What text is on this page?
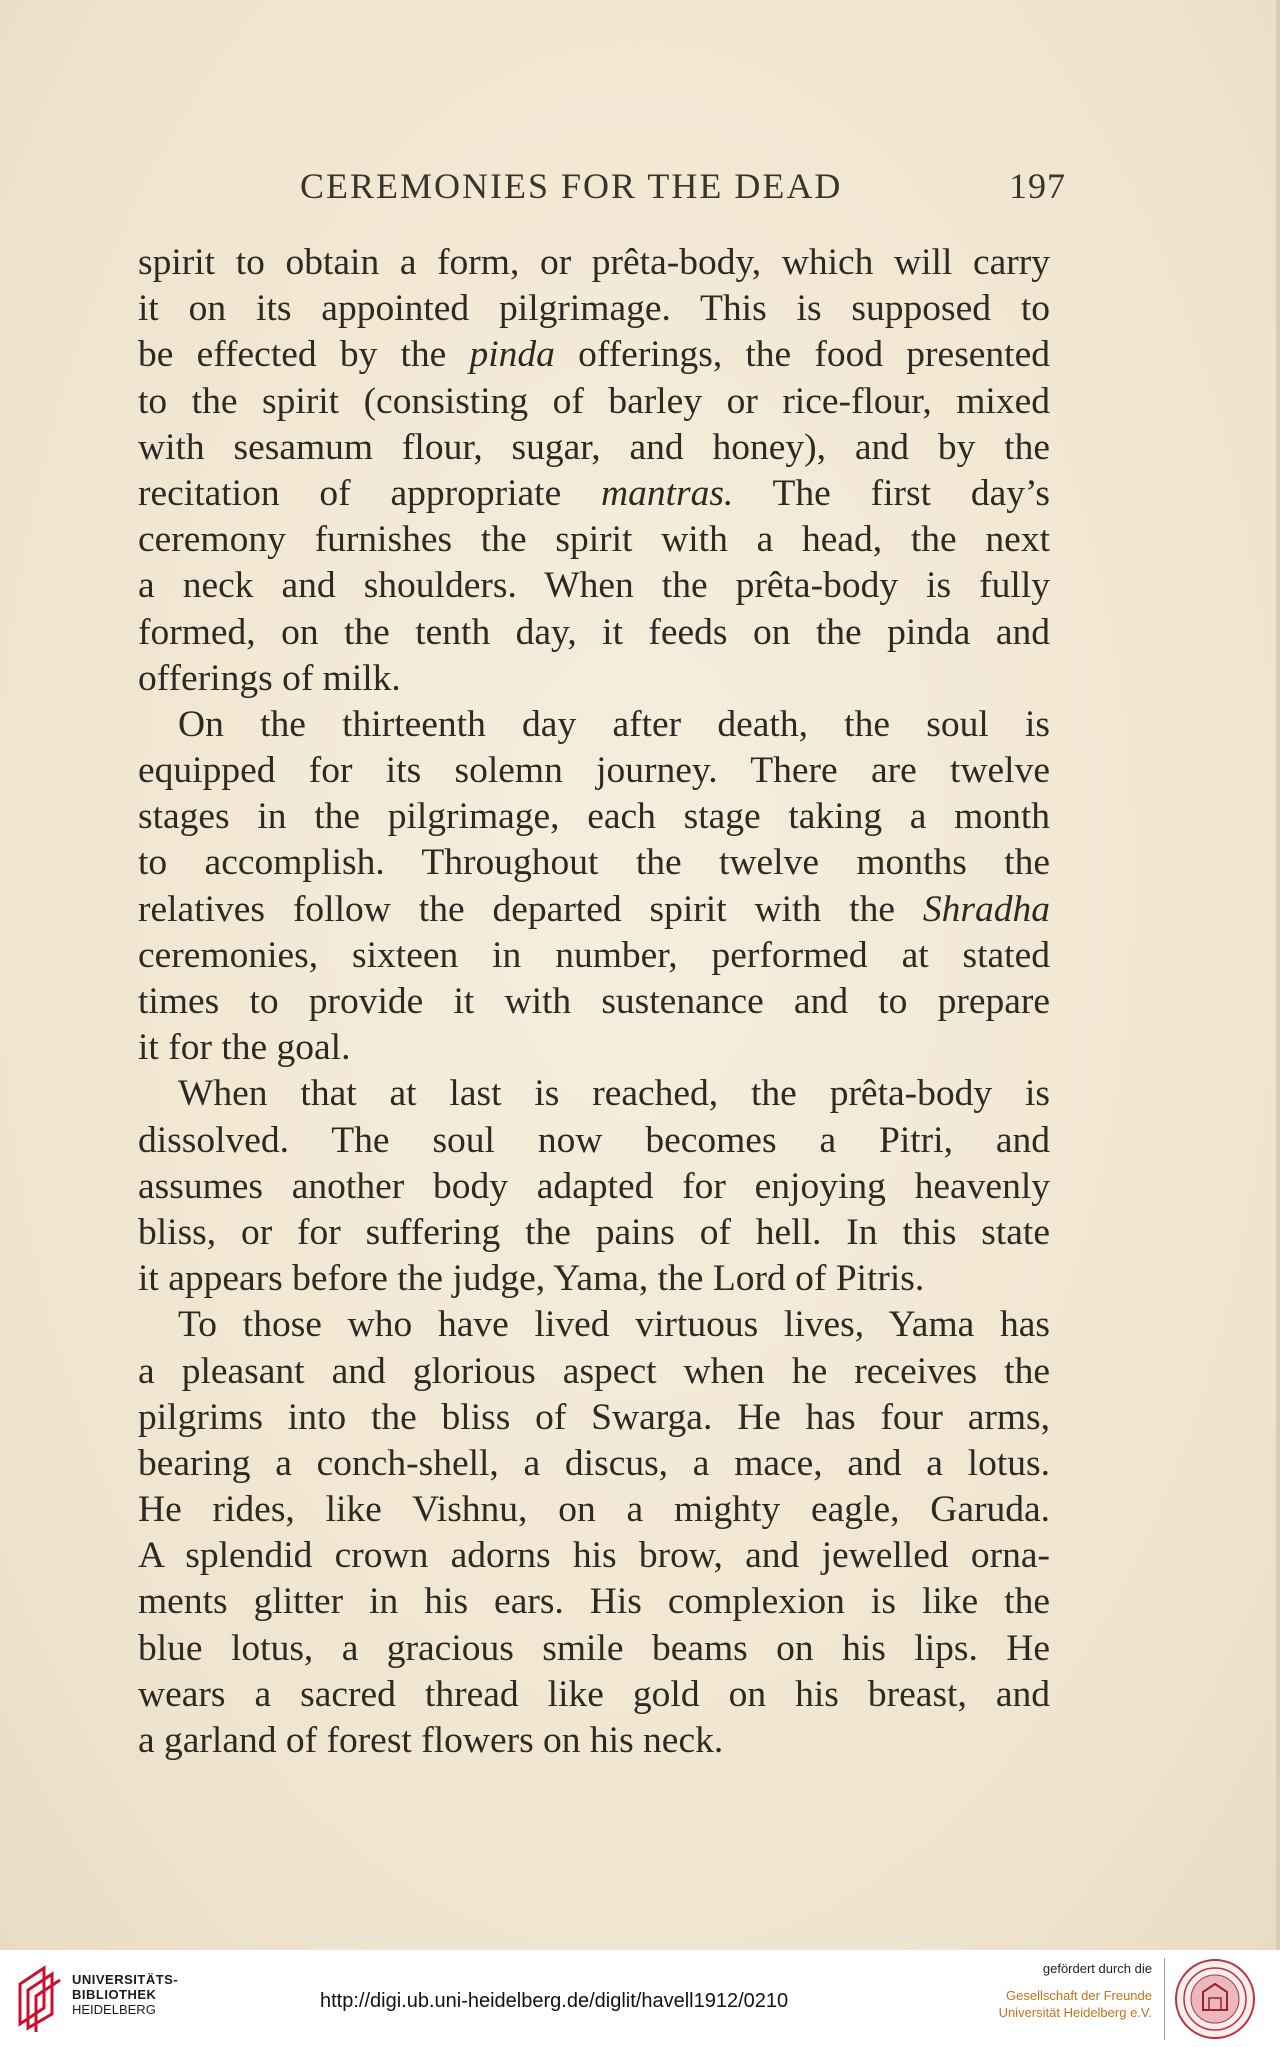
CEREMONIES FOR THE DEAD	197
spirit to obtain a form, or prêta-body, which will carry
it on its appointed pilgrimage. This is supposed to
be effected by the pinda offerings, the food presented
to the spirit (consisting of barley or rice-flour, mixed
with sesamum flour, sugar, and honey), and by the
recitation of appropriate mantras. The first day’s
ceremony furnishes the spirit with a head, the next
a neck and shoulders. When the prêta-body is fully
formed, on the tenth day, it feeds on the pinda and
offerings of milk.
On the thirteenth day after death, the soul is
equipped for its solemn journey. There are twelve
stages in the pilgrimage, each stage taking a month
to accomplish. Throughout the twelve months the
relatives follow the departed spirit with the Shradha
ceremonies, sixteen in number, performed at stated
times to provide it with sustenance and to prepare
it for the goal.
When that at last is reached, the prêta-body is
dissolved. The soul now becomes a Pitri, and
assumes another body adapted for enjoying heavenly
bliss, or for suffering the pains of hell. In this state
it appears before the judge, Yama, the Lord of Pitris.
To those who have lived virtuous lives, Yama has
a pleasant and glorious aspect when he receives the
pilgrims into the bliss of Swarga. He has four arms,
bearing a conch-shell, a discus, a mace, and a lotus.
He rides, like Vishnu, on a mighty eagle, Garuda.
A splendid crown adorns his brow, and jewelled orna-
ments glitter in his ears. His complexion is like the
blue lotus, a gracious smile beams on his lips. He
wears a sacred thread like gold on his breast, and
a garland of forest flowers on his neck.
UNIVERSITÄTS-
BIBLIOTHEK
HEIDELBERG	http://digi.ub.uni-heidelberg.de/diglit/havell1912/0210
gefördert durch die
Gesellschaft der Freunde
Universität Heidelberg e.V.
